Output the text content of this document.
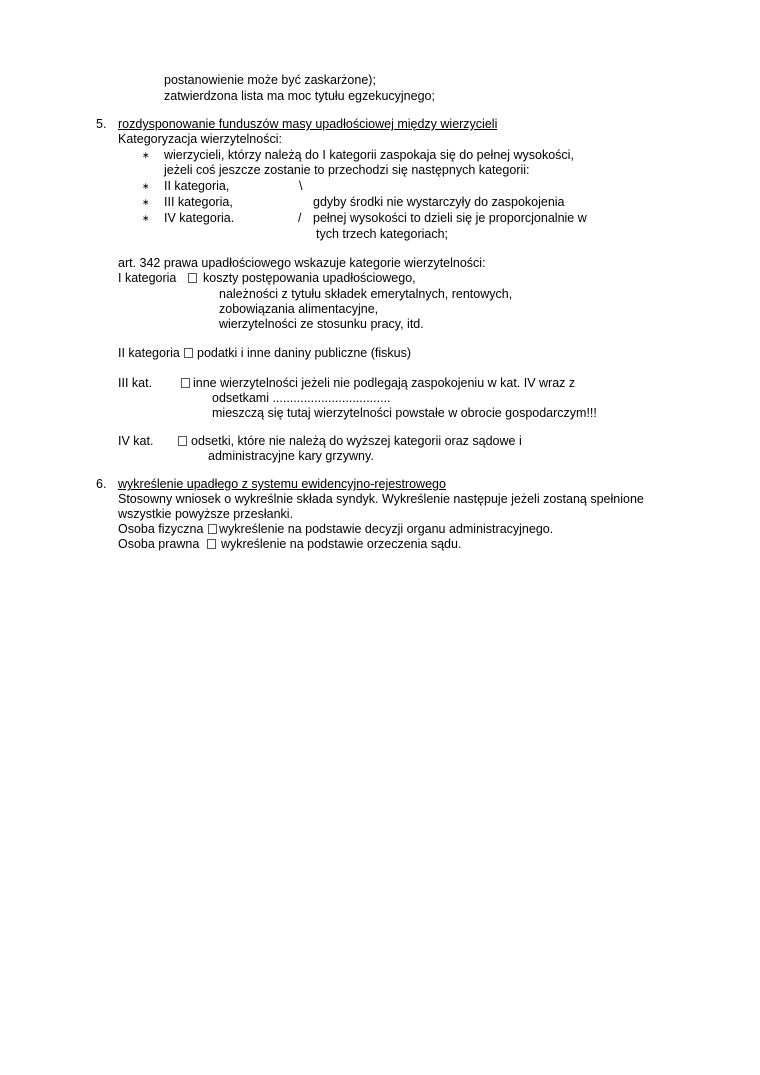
postanowienie może być zaskarżone);
zatwierdzona lista ma moc tytułu egzekucyjnego;
5. rozdysponowanie funduszów masy upadłościowej między wierzycieli
Kategoryzacja wierzytelności:
∗ wierzycieli, którzy należą do I kategorii zaspokaja się do pełnej wysokości,
jeżeli coś jeszcze zostanie to przechodzi się następnych kategorii:
∗ II kategoria,	\
∗ III kategoria,	gdyby środki nie wystarczyły do zaspokojenia
∗ IV kategoria.	/ pełnej wysokości to dzieli się je proporcjonalnie w
tych trzech kategoriach;
art. 342 prawa upadłościowego wskazuje kategorie wierzytelności:
I kategoria koszty postępowania upadłościowego,
należności z tytułu składek emerytalnych, rentowych,
zobowiązania alimentacyjne,
wierzytelności ze stosunku pracy, itd.
II kategoria podatki i inne daniny publiczne (fiskus)
III kat.	inne wierzytelności jeżeli nie podlegają zaspokojeniu w kat. IV wraz z
odsetkami ..................................
mieszczą się tutaj wierzytelności powstałe w obrocie gospodarczym!!!
IV kat.	odsetki, które nie należą do wyższej kategorii oraz sądowe i
administracyjne kary grzywny.
6. wykreślenie upadłego z systemu ewidencyjno-rejestrowego
Stosowny wniosek o wykreślnie składa syndyk. Wykreślenie następuje jeżeli zostaną spełnione
wszystkie powyższe przesłanki.
Osoba fizyczna wykreślenie na podstawie decyzji organu administracyjnego.
Osoba prawna wykreślenie na podstawie orzeczenia sądu.
